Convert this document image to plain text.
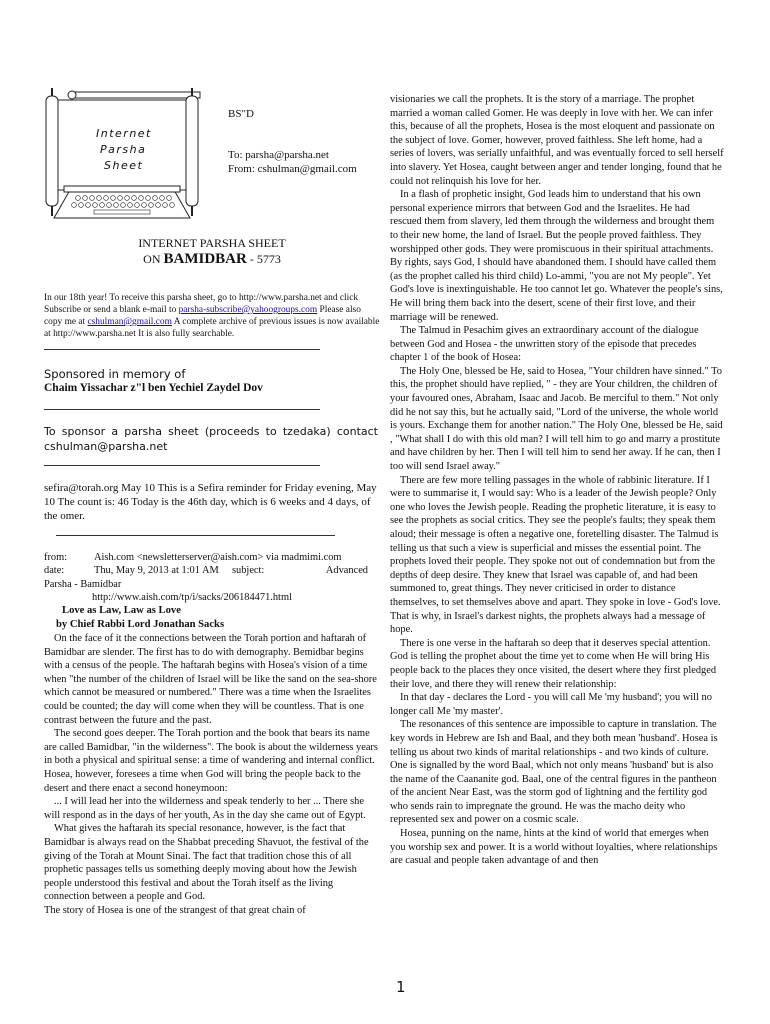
Internet
Parsha
Sheet
BS"D
To: parsha@parsha.net
From: cshulman@gmail.com
INTERNET PARSHA SHEET
ON BAMIDBAR - 5773
In our 18th year! To receive this parsha sheet, go to http://www.parsha.net and click Subscribe or send a blank e-mail to parsha-subscribe@yahoogroups.com Please also copy me at cshulman@gmail.com A complete archive of previous issues is now available at http://www.parsha.net It is also fully searchable.
Sponsored in memory of
Chaim Yissachar z"l ben Yechiel Zaydel Dov
To sponsor a parsha sheet (proceeds to tzedaka) contact cshulman@parsha.net
sefira@torah.org May 10 This is a Sefira reminder for Friday evening, May 10 The count is: 46 Today is the 46th day, which is 6 weeks and 4 days, of the omer.
from:	Aish.com <newsletterserver@aish.com> via madmimi.com
date:	Thu, May 9, 2013 at 1:01 AM subject:	Advanced
Parsha - Bamidbar
http://www.aish.com/tp/i/sacks/206184471.html
Love as Law, Law as Love
by Chief Rabbi Lord Jonathan Sacks

On the face of it the connections between the Torah portion and haftarah of Bamidbar are slender. The first has to do with demography. Bemidbar begins with a census of the people. The haftarah begins with Hosea's vision of a time when "the number of the children of Israel will be like the sand on the sea-shore which cannot be measured or numbered." There was a time when the Israelites could be counted; the day will come when they will be countless. That is one contrast between the future and the past.

The second goes deeper. The Torah portion and the book that bears its name are called Bamidbar, "in the wilderness". The book is about the wilderness years in both a physical and spiritual sense: a time of wandering and internal conflict. Hosea, however, foresees a time when God will bring the people back to the desert and there enact a second honeymoon:

... I will lead her into the wilderness and speak tenderly to her ... There she will respond as in the days of her youth, As in the day she came out of Egypt.

What gives the haftarah its special resonance, however, is the fact that Bamidbar is always read on the Shabbat preceding Shavuot, the festival of the giving of the Torah at Mount Sinai. The fact that tradition chose this of all prophetic passages tells us something deeply moving about how the Jewish people understood this festival and about the Torah itself as the living connection between a people and God.

The story of Hosea is one of the strangest of that great chain of

visionaries we call the prophets. It is the story of a marriage. The prophet married a woman called Gomer. He was deeply in love with her. We can infer this, because of all the prophets, Hosea is the most eloquent and passionate on the subject of love. Gomer, however, proved faithless. She left home, had a series of lovers, was serially unfaithful, and was eventually forced to sell herself into slavery. Yet Hosea, caught between anger and tender longing, found that he could not relinquish his love for her.

In a flash of prophetic insight, God leads him to understand that his own personal experience mirrors that between God and the Israelites. He had rescued them from slavery, led them through the wilderness and brought them to their new home, the land of Israel. But the people proved faithless. They worshipped other gods. They were promiscuous in their spiritual attachments. By rights, says God, I should have abandoned them. I should have called them (as the prophet called his third child) Lo-ammi, "you are not My people". Yet God's love is inextinguishable. He too cannot let go. Whatever the people's sins, He will bring them back into the desert, scene of their first love, and their marriage will be renewed.

The Talmud in Pesachim gives an extraordinary account of the dialogue between God and Hosea - the unwritten story of the episode that precedes chapter 1 of the book of Hosea:

The Holy One, blessed be He, said to Hosea, "Your children have sinned." To this, the prophet should have replied, " - they are Your children, the children of your favoured ones, Abraham, Isaac and Jacob. Be merciful to them." Not only did he not say this, but he actually said, "Lord of the universe, the whole world is yours. Exchange them for another nation." The Holy One, blessed be He, said , "What shall I do with this old man? I will tell him to go and marry a prostitute and have children by her. Then I will tell him to send her away. If he can, then I too will send Israel away."

There are few more telling passages in the whole of rabbinic literature. If I were to summarise it, I would say: Who is a leader of the Jewish people? Only one who loves the Jewish people. Reading the prophetic literature, it is easy to see the prophets as social critics. They see the people's faults; they speak them aloud; their message is often a negative one, foretelling disaster. The Talmud is telling us that such a view is superficial and misses the essential point. The prophets loved their people. They spoke not out of condemnation but from the depths of deep desire. They knew that Israel was capable of, and had been summoned to, great things. They never criticised in order to distance themselves, to set themselves above and apart. They spoke in love - God's love. That is why, in Israel's darkest nights, the prophets always had a message of hope.

There is one verse in the haftarah so deep that it deserves special attention. God is telling the prophet about the time yet to come when He will bring His people back to the places they once visited, the desert where they first pledged their love, and there they will renew their relationship:

In that day - declares the Lord - you will call Me 'my husband'; you will no longer call Me 'my master'.

The resonances of this sentence are impossible to capture in translation. The key words in Hebrew are Ish and Baal, and they both mean 'husband'. Hosea is telling us about two kinds of marital relationships - and two kinds of culture. One is signalled by the word Baal, which not only means 'husband' but is also the name of the Caananite god. Baal, one of the central figures in the pantheon of the ancient Near East, was the storm god of lightning and the fertility god who sends rain to impregnate the ground. He was the macho deity who represented sex and power on a cosmic scale.

Hosea, punning on the name, hints at the kind of world that emerges when you worship sex and power. It is a world without loyalties, where relationships are casual and people taken advantage of and then

1
